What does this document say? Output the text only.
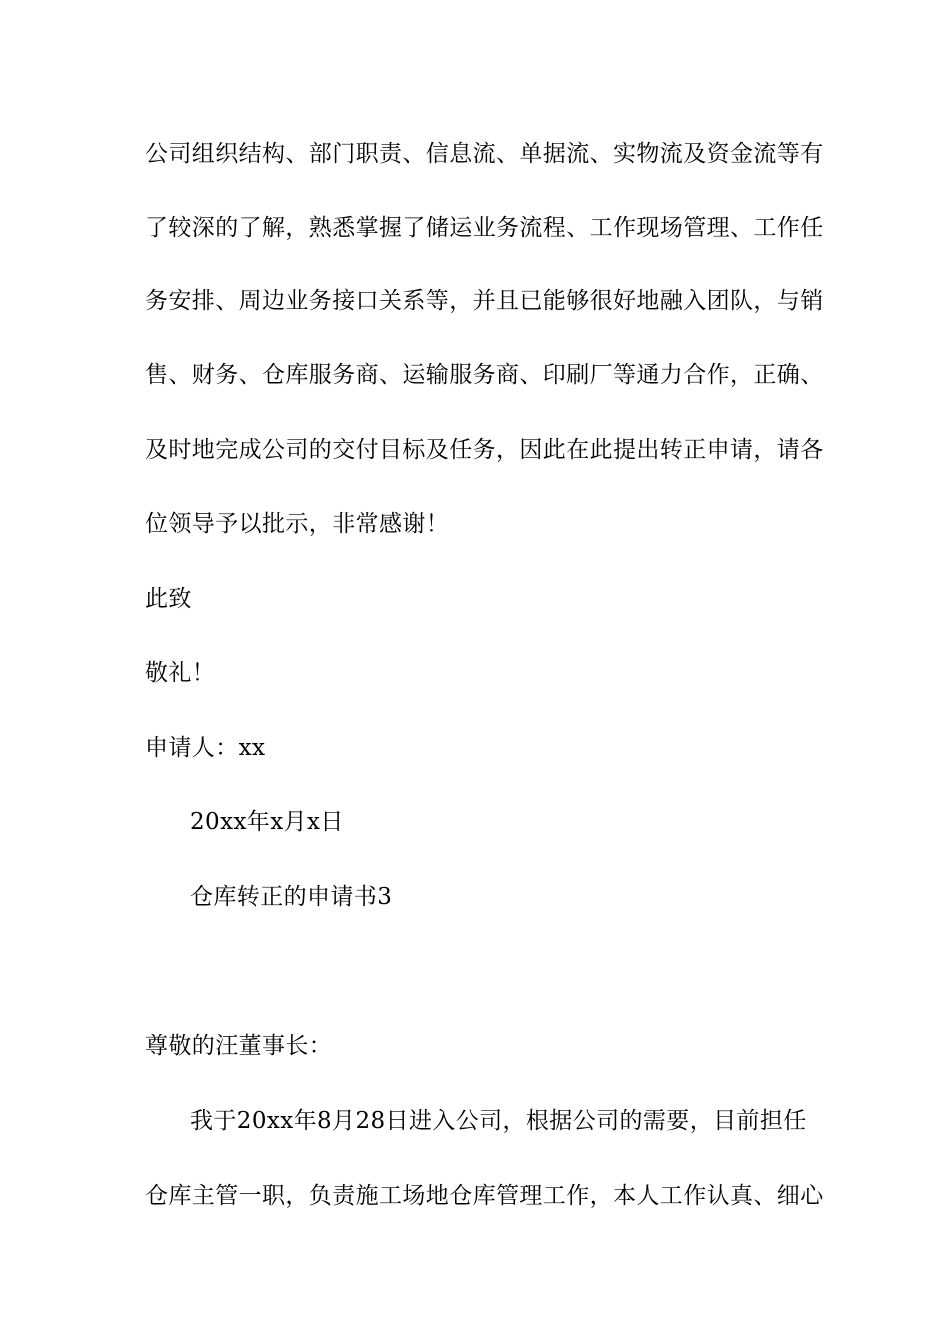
公司组织结构、部门职责、信息流、单据流、实物流及资金流等有
了较深的了解，熟悉掌握了储运业务流程、工作现场管理、工作任
务安排、周边业务接口关系等，并且已能够很好地融入团队，与销
售、财务、仓库服务商、运输服务商、印刷厂等通力合作，正确、
及时地完成公司的交付目标及任务，因此在此提出转正申请，请各
位领导予以批示，非常感谢！
此致
敬礼！
申请人：xx
20xx年x月x日
仓库转正的申请书3
尊敬的汪董事长：
我于20xx年8月28日进入公司，根据公司的需要，目前担任
仓库主管一职，负责施工场地仓库管理工作，本人工作认真、细心
